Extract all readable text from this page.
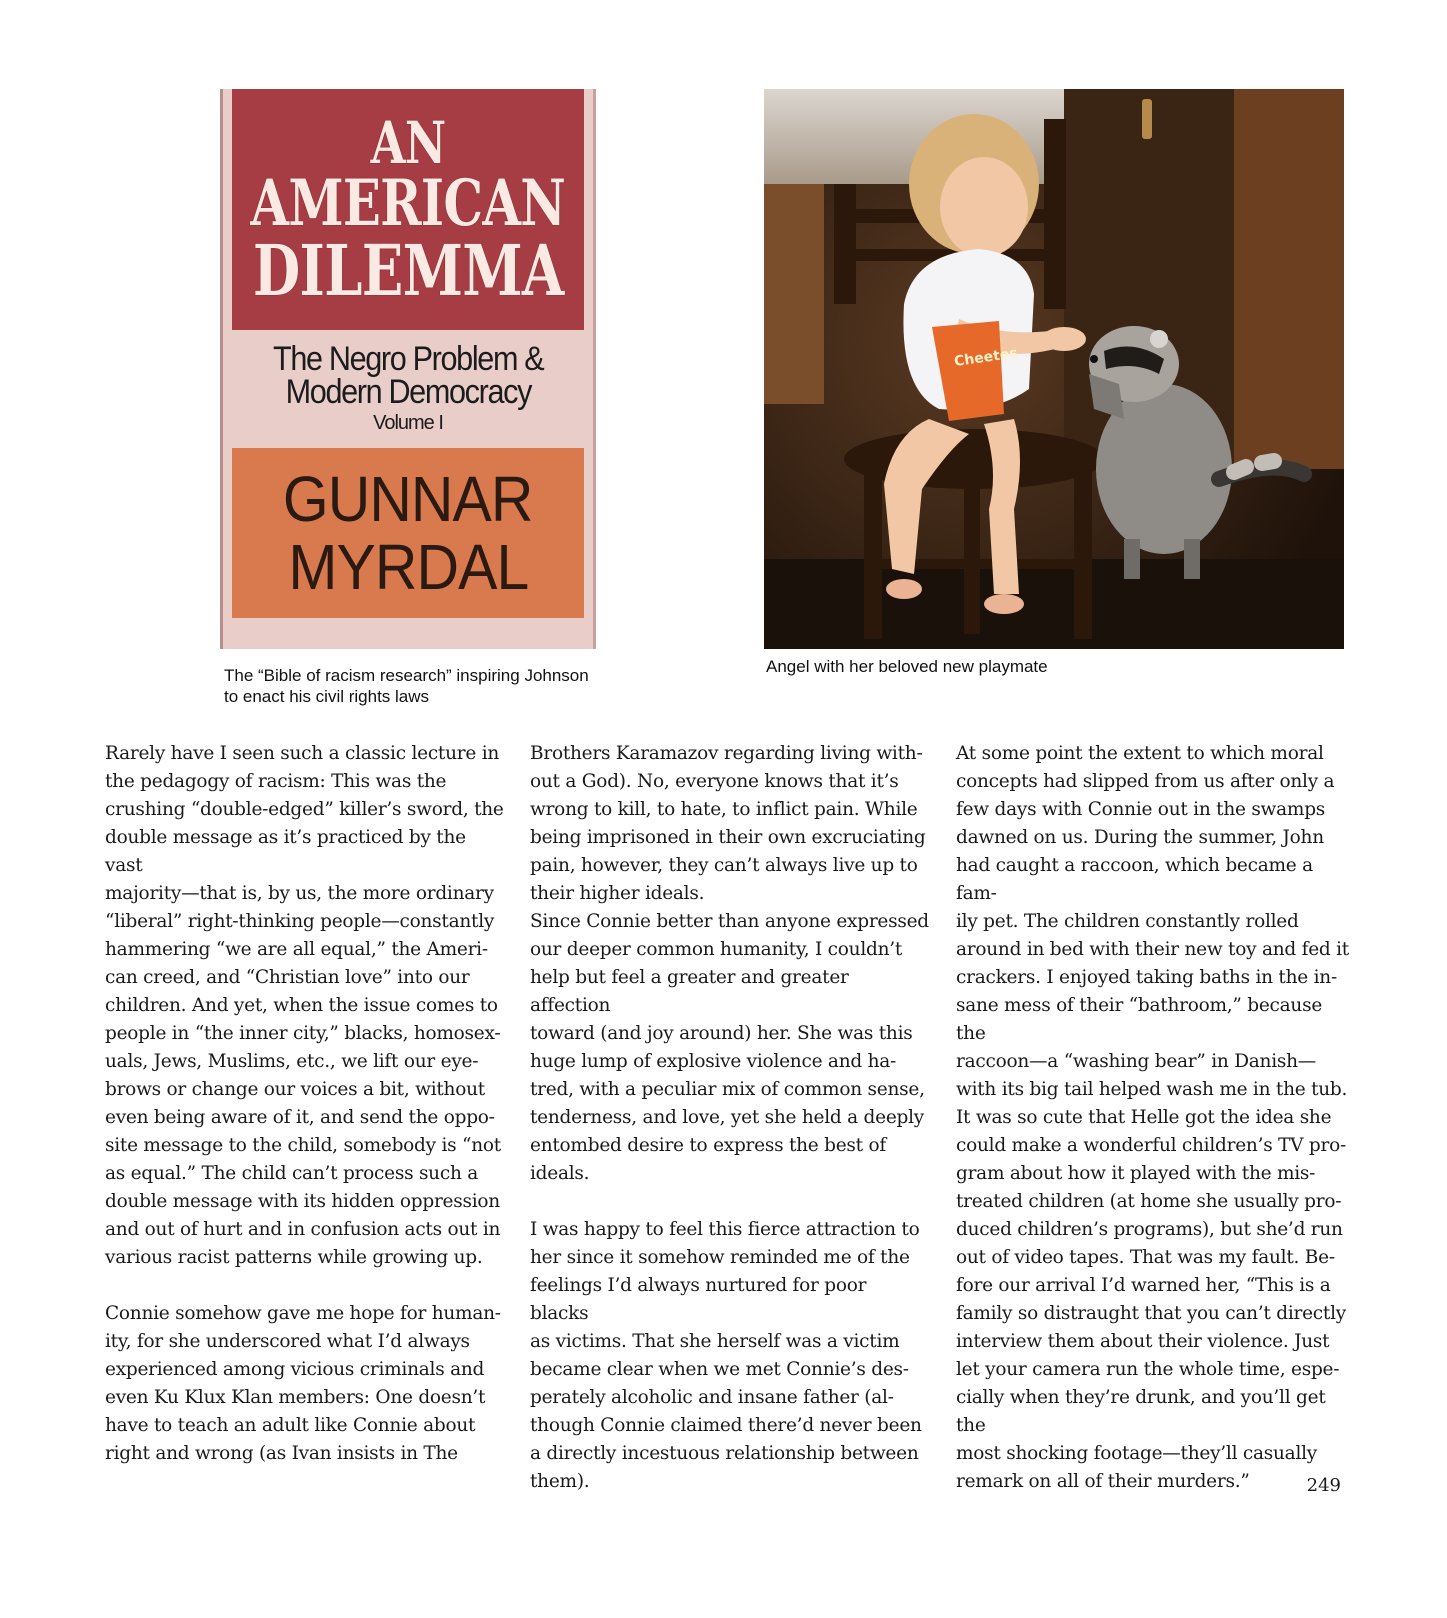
AN
AMERICAN
DILEMMA
The Negro Problem &
Modern Democracy
Volume I
GUNNAR
MYRDAL
The “Bible of racism research” inspiring Johnson
to enact his civil rights laws
Cheetos
Angel with her beloved new playmate

Rarely have I seen such a classic lecture in
the pedagogy of racism: This was the
crushing “double-edged” killer’s sword, the
double message as it’s practiced by the vast
majority—that is, by us, the more ordinary
“liberal” right-thinking people—constantly
hammering “we are all equal,” the Ameri-
can creed, and “Christian love” into our
children. And yet, when the issue comes to
people in “the inner city,” blacks, homosex-
uals, Jews, Muslims, etc., we lift our eye-
brows or change our voices a bit, without
even being aware of it, and send the oppo-
site message to the child, somebody is “not
as equal.” The child can’t process such a
double message with its hidden oppression
and out of hurt and in confusion acts out in
various racist patterns while growing up.

Connie somehow gave me hope for human-
ity, for she underscored what I’d always
experienced among vicious criminals and
even Ku Klux Klan members: One doesn’t
have to teach an adult like Connie about
right and wrong (as Ivan insists in The

Brothers Karamazov regarding living with-
out a God). No, everyone knows that it’s
wrong to kill, to hate, to inflict pain. While
being imprisoned in their own excruciating
pain, however, they can’t always live up to
their higher ideals.

Since Connie better than anyone expressed
our deeper common humanity, I couldn’t
help but feel a greater and greater affection
toward (and joy around) her. She was this
huge lump of explosive violence and ha-
tred, with a peculiar mix of common sense,
tenderness, and love, yet she held a deeply
entombed desire to express the best of
ideals.

I was happy to feel this fierce attraction to
her since it somehow reminded me of the
feelings I’d always nurtured for poor blacks
as victims. That she herself was a victim
became clear when we met Connie’s des-
perately alcoholic and insane father (al-
though Connie claimed there’d never been
a directly incestuous relationship between
them).

At some point the extent to which moral
concepts had slipped from us after only a
few days with Connie out in the swamps
dawned on us. During the summer, John
had caught a raccoon, which became a fam-
ily pet. The children constantly rolled
around in bed with their new toy and fed it
crackers. I enjoyed taking baths in the in-
sane mess of their “bathroom,” because the
raccoon—a “washing bear” in Danish—
with its big tail helped wash me in the tub.
It was so cute that Helle got the idea she
could make a wonderful children’s TV pro-
gram about how it played with the mis-
treated children (at home she usually pro-
duced children’s programs), but she’d run
out of video tapes. That was my fault. Be-
fore our arrival I’d warned her, “This is a
family so distraught that you can’t directly
interview them about their violence. Just
let your camera run the whole time, espe-
cially when they’re drunk, and you’ll get the
most shocking footage—they’ll casually
remark on all of their murders.”	249
